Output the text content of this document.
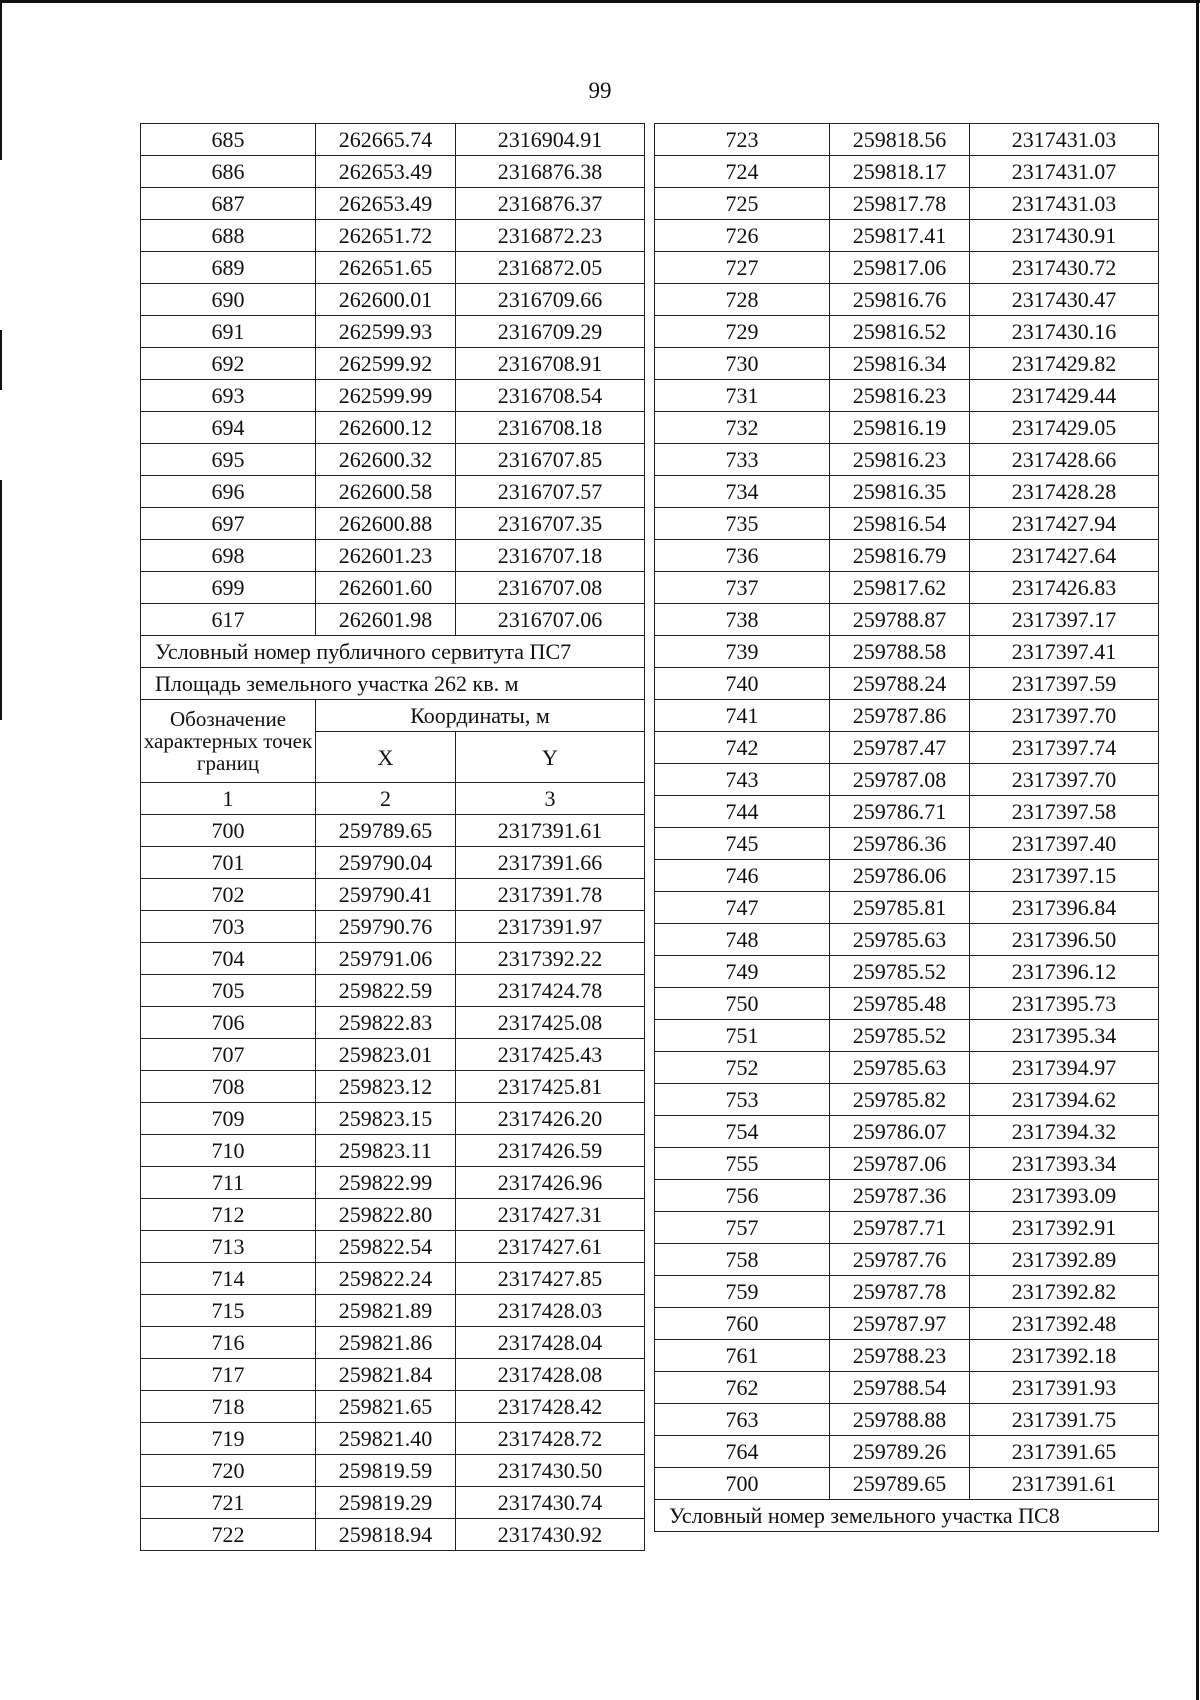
99
685	262665.74	2316904.91
686	262653.49	2316876.38
687	262653.49	2316876.37
688	262651.72	2316872.23
689	262651.65	2316872.05
690	262600.01	2316709.66
691	262599.93	2316709.29
692	262599.92	2316708.91
693	262599.99	2316708.54
694	262600.12	2316708.18
695	262600.32	2316707.85
696	262600.58	2316707.57
697	262600.88	2316707.35
698	262601.23	2316707.18
699	262601.60	2316707.08
617	262601.98	2316707.06
Условный номер публичного сервитута ПС7		
Площадь земельного участка 262 кв. м		
Обозначение характерных точек границ	Координаты, м	
	X	Y
1	2	3
700	259789.65	2317391.61
701	259790.04	2317391.66
702	259790.41	2317391.78
703	259790.76	2317391.97
704	259791.06	2317392.22
705	259822.59	2317424.78
706	259822.83	2317425.08
707	259823.01	2317425.43
708	259823.12	2317425.81
709	259823.15	2317426.20
710	259823.11	2317426.59
711	259822.99	2317426.96
712	259822.80	2317427.31
713	259822.54	2317427.61
714	259822.24	2317427.85
715	259821.89	2317428.03
716	259821.86	2317428.04
717	259821.84	2317428.08
718	259821.65	2317428.42
719	259821.40	2317428.72
720	259819.59	2317430.50
721	259819.29	2317430.74
722	259818.94	2317430.92
723	259818.56	2317431.03
724	259818.17	2317431.07
725	259817.78	2317431.03
726	259817.41	2317430.91
727	259817.06	2317430.72
728	259816.76	2317430.47
729	259816.52	2317430.16
730	259816.34	2317429.82
731	259816.23	2317429.44
732	259816.19	2317429.05
733	259816.23	2317428.66
734	259816.35	2317428.28
735	259816.54	2317427.94
736	259816.79	2317427.64
737	259817.62	2317426.83
738	259788.87	2317397.17
739	259788.58	2317397.41
740	259788.24	2317397.59
741	259787.86	2317397.70
742	259787.47	2317397.74
743	259787.08	2317397.70
744	259786.71	2317397.58
745	259786.36	2317397.40
746	259786.06	2317397.15
747	259785.81	2317396.84
748	259785.63	2317396.50
749	259785.52	2317396.12
750	259785.48	2317395.73
751	259785.52	2317395.34
752	259785.63	2317394.97
753	259785.82	2317394.62
754	259786.07	2317394.32
755	259787.06	2317393.34
756	259787.36	2317393.09
757	259787.71	2317392.91
758	259787.76	2317392.89
759	259787.78	2317392.82
760	259787.97	2317392.48
761	259788.23	2317392.18
762	259788.54	2317391.93
763	259788.88	2317391.75
764	259789.26	2317391.65
700	259789.65	2317391.61
Условный номер земельного участка ПС8		
